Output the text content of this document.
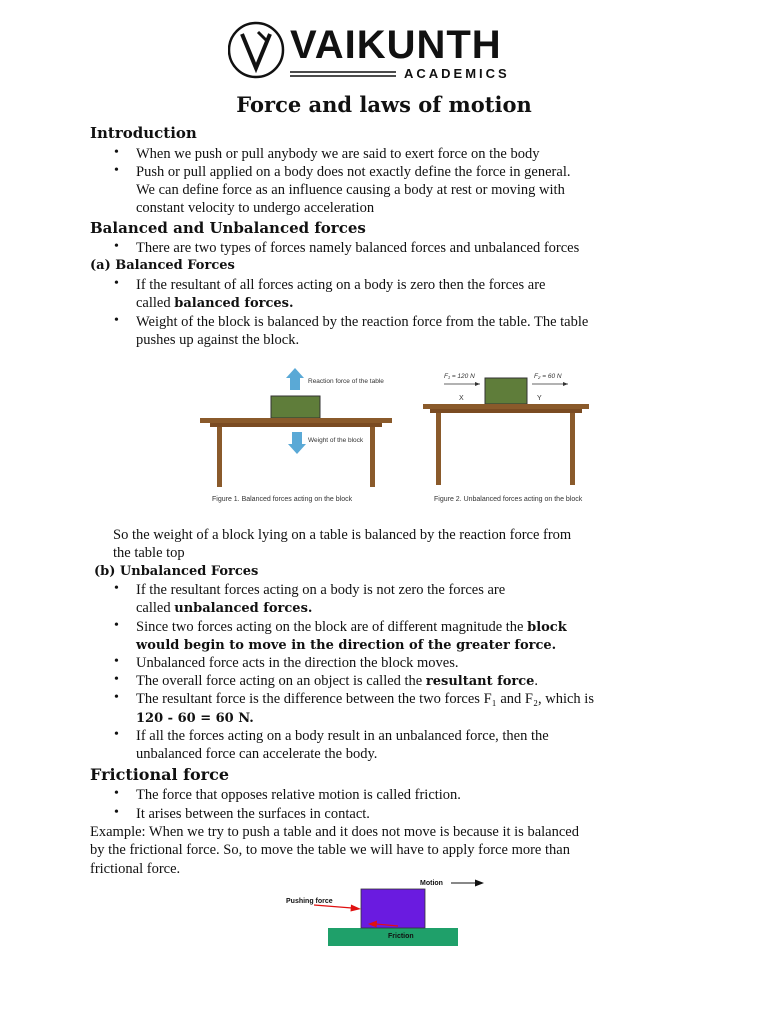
VAIKUNTH
ACADEMICS
Force and laws of motion
Introduction
• When we push or pull anybody we are said to exert force on the body
• Push or pull applied on a body does not exactly define the force in general.
We can define force as an influence causing a body at rest or moving with
constant velocity to undergo acceleration
Balanced and Unbalanced forces
• There are two types of forces namely balanced forces and unbalanced forces
(a) Balanced Forces
• If the resultant of all forces acting on a body is zero then the forces are
called balanced forces.
• Weight of the block is balanced by the reaction force from the table. The table
pushes up against the block.
Reaction force of the table
Weight of the block
Figure 1. Balanced forces acting on the block
F₁ = 120 N	F₂ = 60 N
X	Y
Figure 2. Unbalanced forces acting on the block
So the weight of a block lying on a table is balanced by the reaction force from
the table top
(b) Unbalanced Forces
• If the resultant forces acting on a body is not zero the forces are
called unbalanced forces.
• Since two forces acting on the block are of different magnitude the block
would begin to move in the direction of the greater force.
• Unbalanced force acts in the direction the block moves.
• The overall force acting on an object is called the resultant force.
• The resultant force is the difference between the two forces F₁ and F₂, which is
120 - 60 = 60 N.
• If all the forces acting on a body result in an unbalanced force, then the
unbalanced force can accelerate the body.
Frictional force
• The force that opposes relative motion is called friction.
• It arises between the surfaces in contact.
Example: When we try to push a table and it does not move is because it is balanced
by the frictional force. So, to move the table we will have to apply force more than
frictional force.
Motion
Pushing force
Friction
